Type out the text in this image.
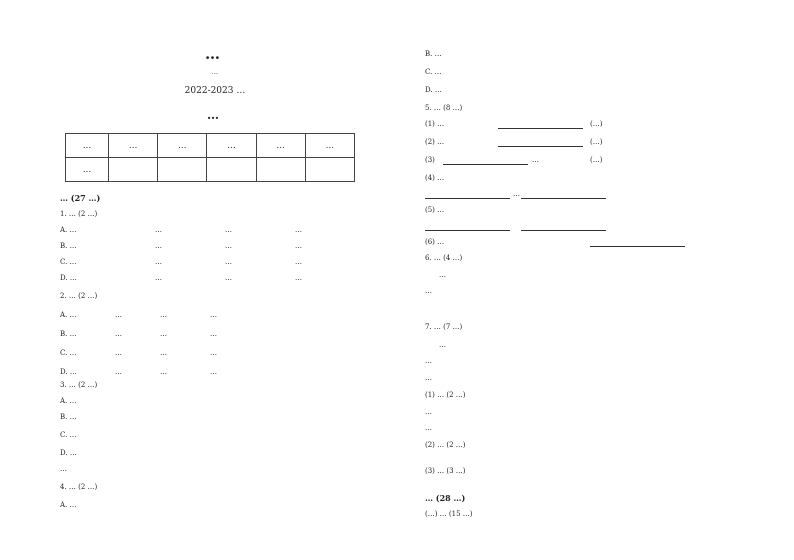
…
…
2022-2023 …
…
…	…	…	…	…	…
…					
… (27 …)
1. … (2 …)
A. …	…	…	…
B. …	…	…	…
C. …	…	…	…
D. …	…	…	…
2. … (2 …)
A. …	…	…	…
B. …	…	…	…
C. …	…	…	…
D. …	…	…	…
3. … (2 …)
A. …
B. …
C. …
D. …
…
4. … (2 …)
A. …
B. …
C. …
D. …
5. … (8 …)
(1) …	(…)
(2) …	(…)
(3)	…	(…)
(4) …
…
(5) …
(6) …
6. … (4 …)
…
…
7. … (7 …)
…
…
…
(1) … (2 …)
…
…
(2) … (2 …)
(3) … (3 …)
… (28 …)
(…) … (15 …)
